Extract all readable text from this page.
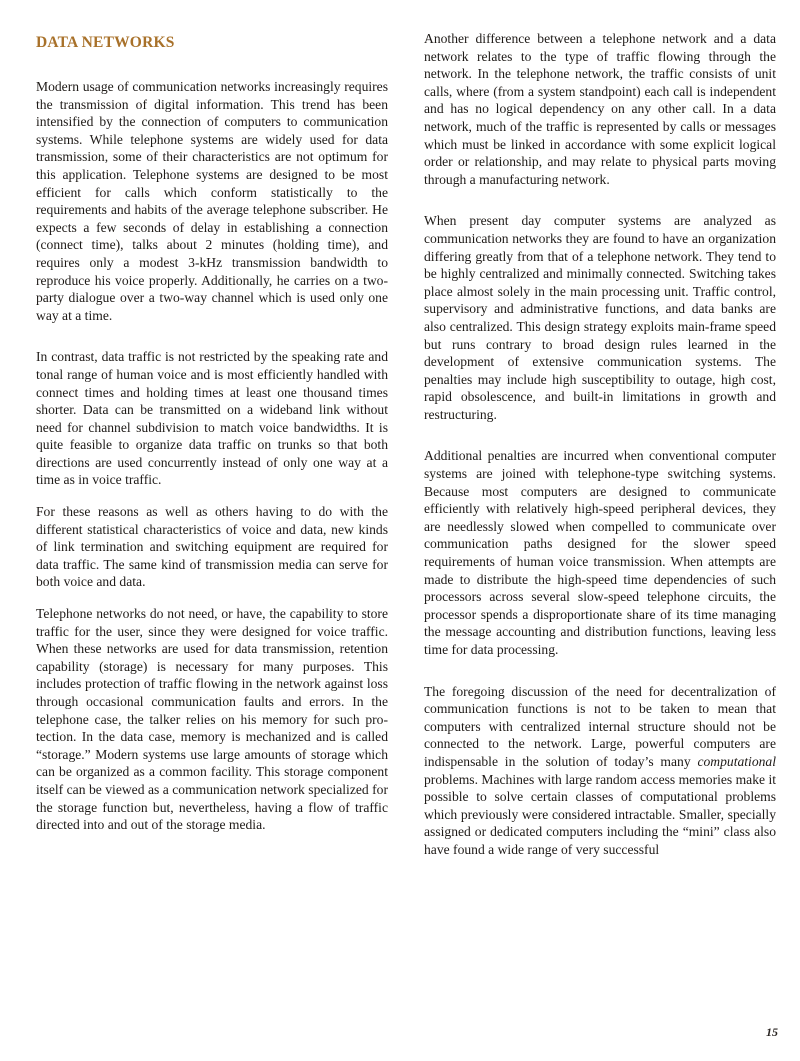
DATA NETWORKS

Modern usage of communication networks increasingly requires the transmission of digital information. This trend has been intensified by the connection of computers to communication systems. While telephone systems are widely used for data transmission, some of their characteristics are not optimum for this application. Telephone systems are designed to be most efficient for calls which conform statistically to the requirements and habits of the average telephone subscriber. He expects a few seconds of delay in establishing a connection (connect time), talks about 2 minutes (holding time), and requires only a modest 3-kHz transmission bandwidth to reproduce his voice properly. Additionally, he carries on a two-party dialogue over a two-way channel which is used only one way at a time.

In contrast, data traffic is not restricted by the speaking rate and tonal range of human voice and is most efficiently handled with connect times and holding times at least one thousand times shorter. Data can be transmitted on a wideband link without need for channel subdivision to match voice bandwidths. It is quite feasible to organize data traffic on trunks so that both directions are used concurrently instead of only one way at a time as in voice traffic.

For these reasons as well as others having to do with the different statistical characteristics of voice and data, new kinds of link termination and switching equipment are required for data traffic. The same kind of transmission media can serve for both voice and data.

Telephone networks do not need, or have, the capability to store traffic for the user, since they were designed for voice traffic. When these networks are used for data transmission, retention capability (storage) is necessary for many purposes. This includes protection of traffic flowing in the network against loss through occasional communication faults and errors. In the telephone case, the talker relies on his memory for such protection. In the data case, memory is mechanized and is called “storage.” Modern systems use large amounts of storage which can be organized as a common facility. This storage component itself can be viewed as a communication network specialized for the storage function but, nevertheless, having a flow of traffic directed into and out of the storage media.

Another difference between a telephone network and a data network relates to the type of traffic flowing through the network. In the telephone network, the traffic consists of unit calls, where (from a system standpoint) each call is independent and has no logical dependency on any other call. In a data network, much of the traffic is represented by calls or messages which must be linked in accordance with some explicit logical order or relationship, and may relate to physical parts moving through a manufacturing network.

When present day computer systems are analyzed as communication networks they are found to have an organization differing greatly from that of a telephone network. They tend to be highly centralized and minimally connected. Switching takes place almost solely in the main processing unit. Traffic control, supervisory and administrative functions, and data banks are also centralized. This design strategy exploits main-frame speed but runs contrary to broad design rules learned in the development of extensive communication systems. The penalties may include high susceptibility to outage, high cost, rapid obsolescence, and built-in limitations in growth and restructuring.

Additional penalties are incurred when conventional computer systems are joined with telephone-type switching systems. Because most computers are designed to communicate efficiently with relatively high-speed peripheral devices, they are needlessly slowed when compelled to communicate over communication paths designed for the slower speed requirements of human voice transmission. When attempts are made to distribute the high-speed time dependencies of such processors across several slow-speed telephone circuits, the processor spends a disproportionate share of its time managing the message accounting and distribution functions, leaving less time for data processing.

The foregoing discussion of the need for decentralization of communication functions is not to be taken to mean that computers with centralized internal structure should not be connected to the network. Large, powerful computers are indispensable in the solution of today’s many computational problems. Machines with large random access memories make it possible to solve certain classes of computational problems which previously were considered intractable. Smaller, specially assigned or dedicated computers including the “mini” class also have found a wide range of very successful

15
